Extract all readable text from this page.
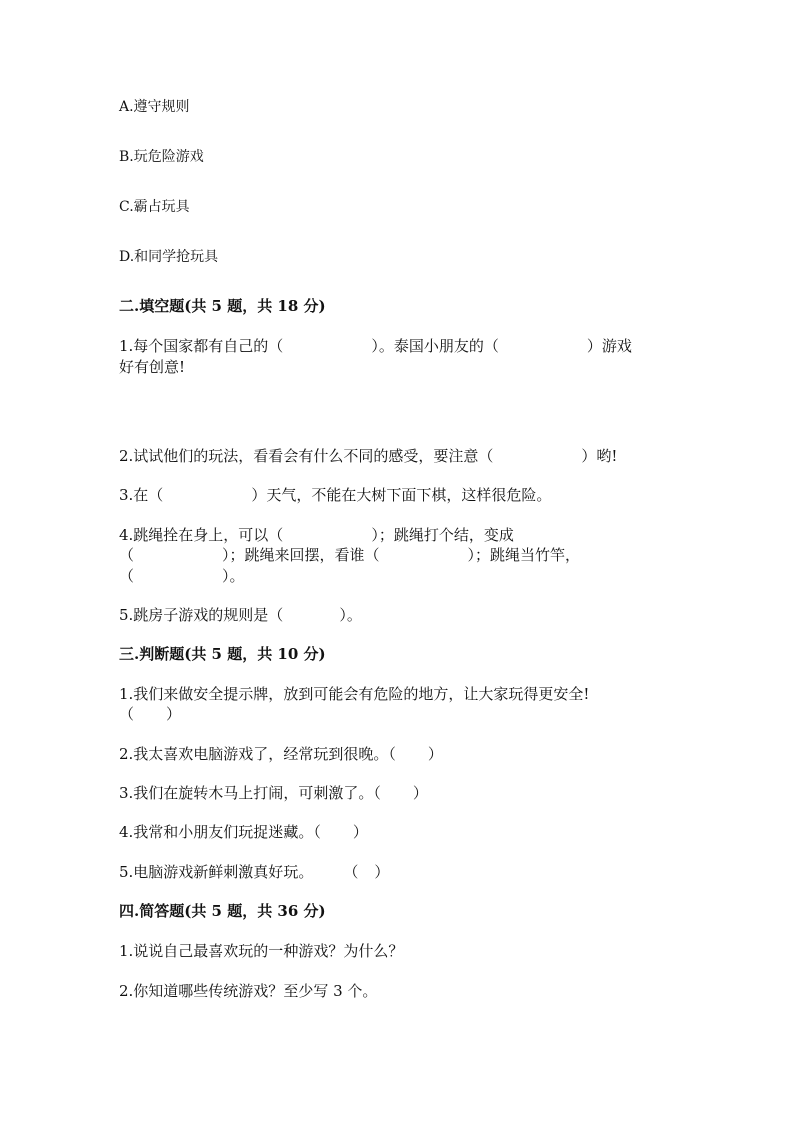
A.遵守规则
B.玩危险游戏
C.霸占玩具
D.和同学抢玩具
二.填空题(共 5 题，共 18 分)
1.每个国家都有自己的（	）。泰国小朋友的（	）游戏
好有创意!
2.试试他们的玩法，看看会有什么不同的感受，要注意（	）哟!
3.在（	）天气，不能在大树下面下棋，这样很危险。
4.跳绳拴在身上，可以（	）；跳绳打个结，变成
（	）；跳绳来回摆，看谁（	）；跳绳当竹竿，
（	）。
5.跳房子游戏的规则是（	）。
三.判断题(共 5 题，共 10 分)
1.我们来做安全提示牌，放到可能会有危险的地方，让大家玩得更安全!
（ ）
2.我太喜欢电脑游戏了，经常玩到很晚。（ ）
3.我们在旋转木马上打闹，可刺激了。（ ）
4.我常和小朋友们玩捉迷藏。（ ）
5.电脑游戏新鲜刺激真好玩。 （ ）
四.简答题(共 5 题，共 36 分)
1.说说自己最喜欢玩的一种游戏？为什么？
2.你知道哪些传统游戏？至少写 3 个。
